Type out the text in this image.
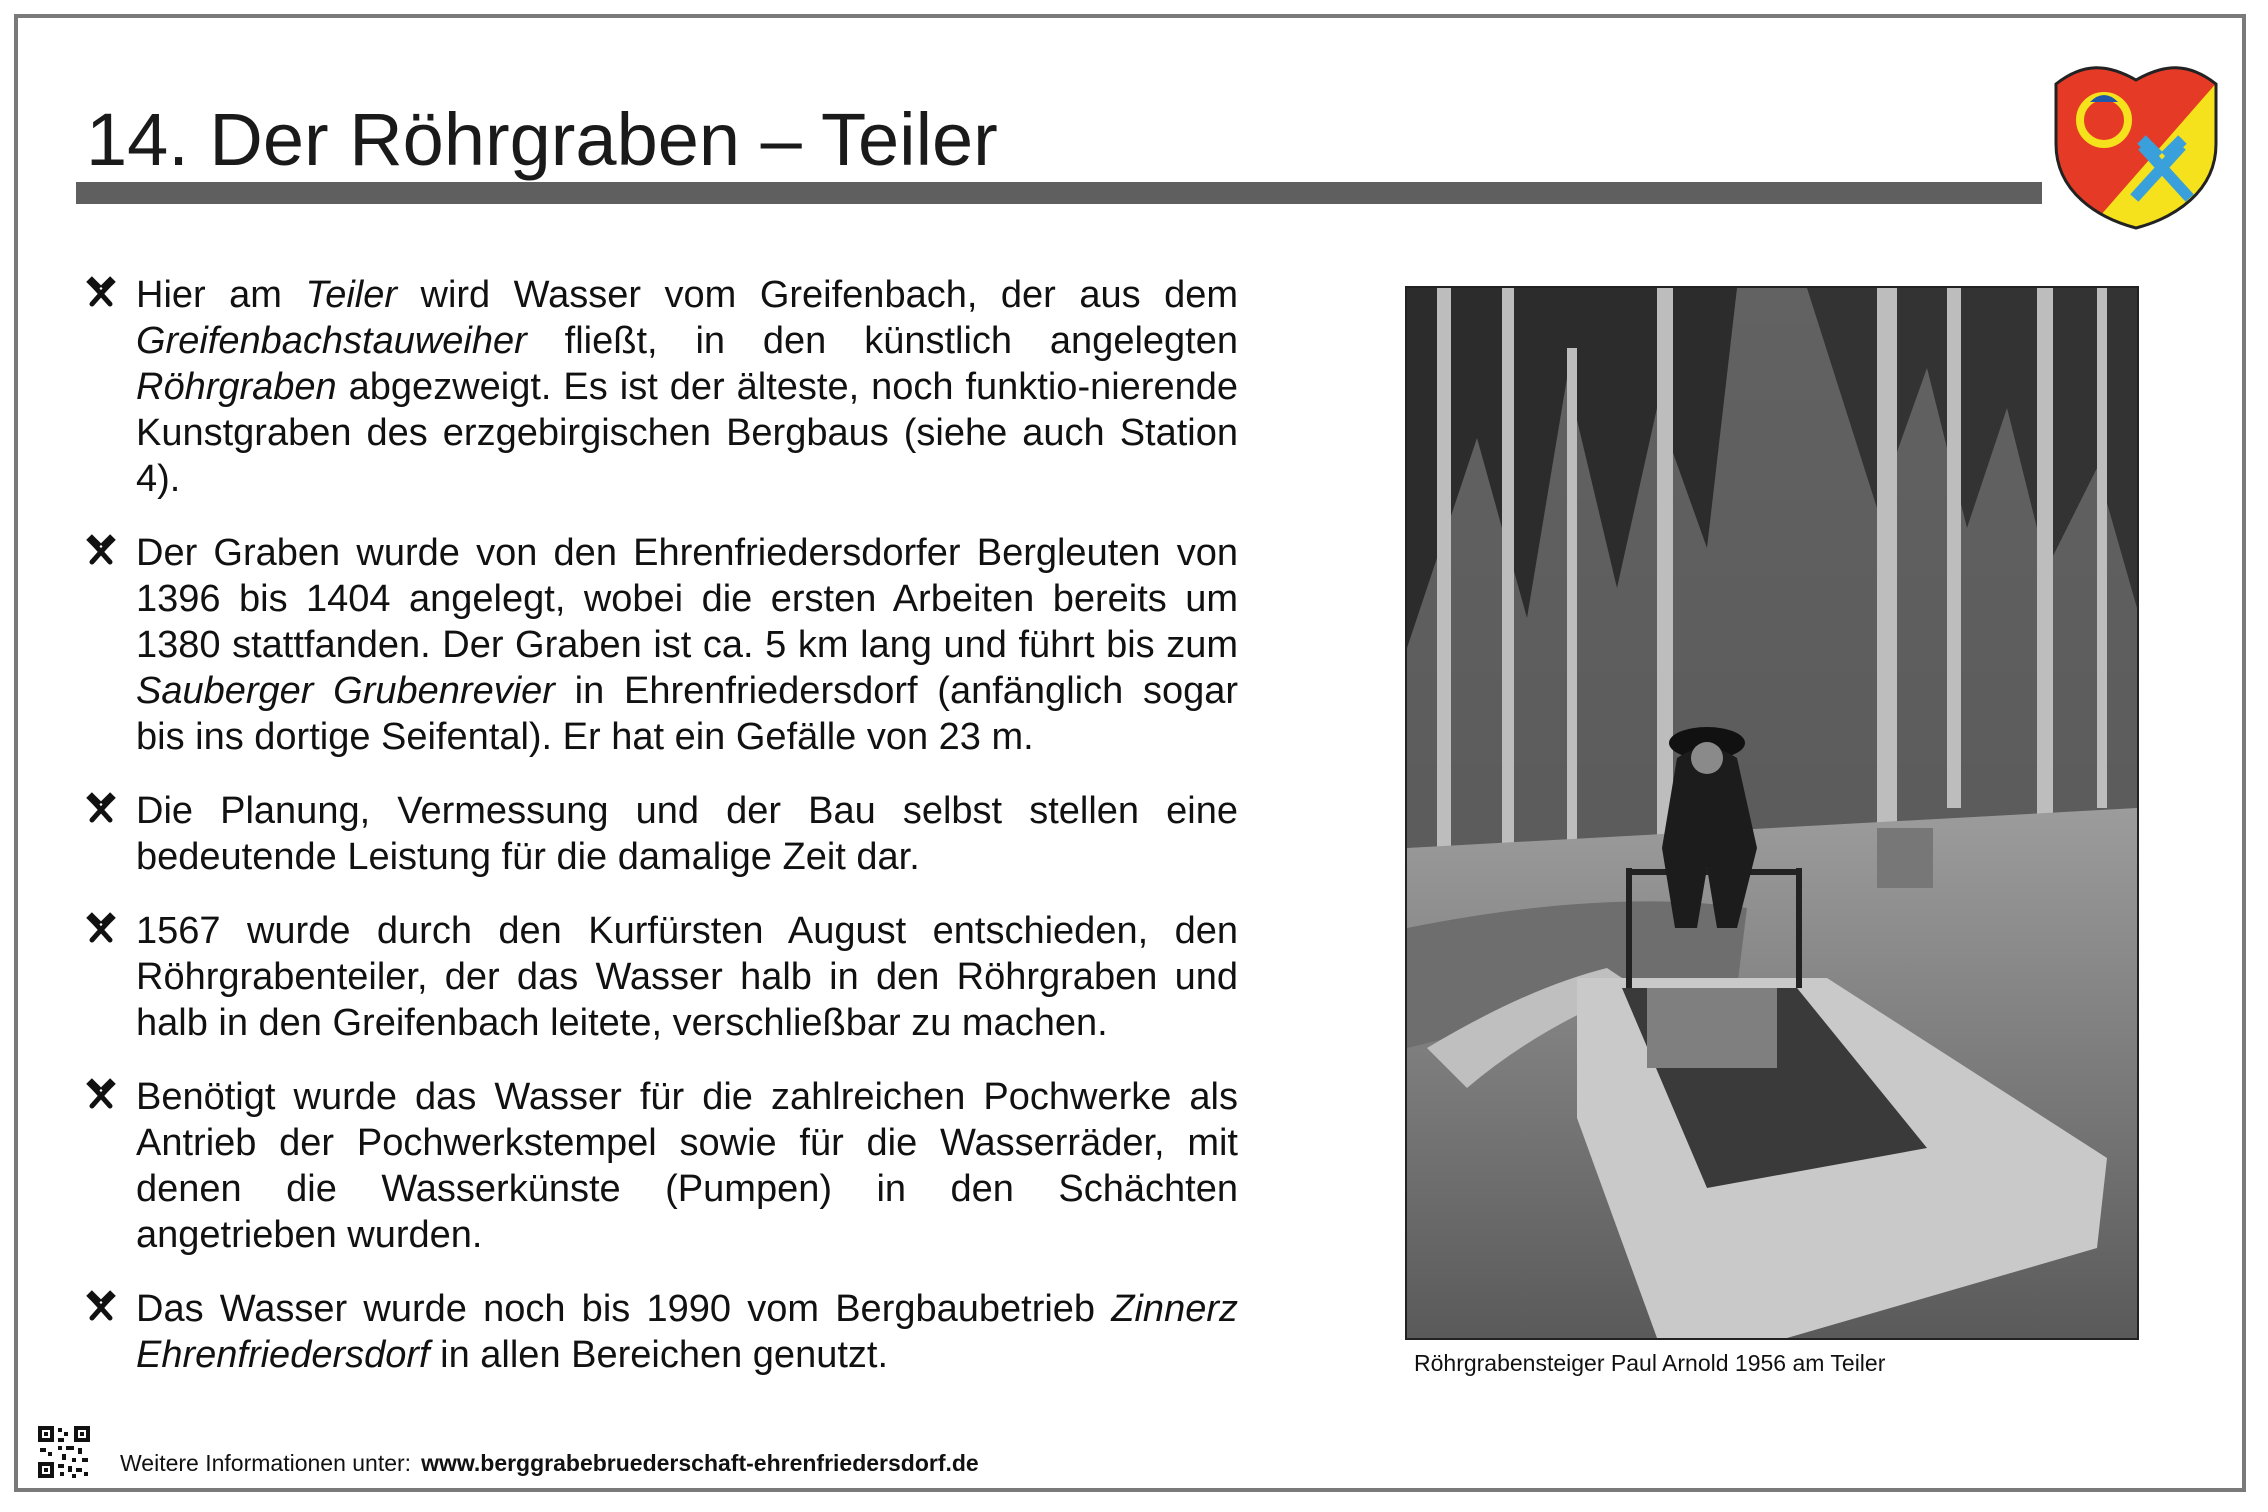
14. Der Röhrgraben – Teiler
Hier am Teiler wird Wasser vom Greifenbach, der aus dem Greifenbachstauweiher fließt, in den künstlich angelegten Röhrgraben abgezweigt. Es ist der älteste, noch funktio-nierende Kunstgraben des erzgebirgischen Bergbaus (siehe auch Station 4).
Der Graben wurde von den Ehrenfriedersdorfer Bergleuten von 1396 bis 1404 angelegt, wobei die ersten Arbeiten bereits um 1380 stattfanden. Der Graben ist ca. 5 km lang und führt bis zum Sauberger Grubenrevier in Ehrenfriedersdorf (anfänglich sogar bis ins dortige Seifental). Er hat ein Gefälle von 23 m.
Die Planung, Vermessung und der Bau selbst stellen eine bedeutende Leistung für die damalige Zeit dar.
1567 wurde durch den Kurfürsten August entschieden, den Röhrgrabenteiler, der das Wasser halb in den Röhrgraben und halb in den Greifenbach leitete, verschließbar zu machen.
Benötigt wurde das Wasser für die zahlreichen Pochwerke als Antrieb der Pochwerkstempel sowie für die Wasserräder, mit denen die Wasserkünste (Pumpen) in den Schächten angetrieben wurden.
Das Wasser wurde noch bis 1990 vom Bergbaubetrieb Zinnerz Ehrenfriedersdorf in allen Bereichen genutzt.	Röhrgrabensteiger Paul Arnold 1956 am Teiler
Weitere Informationen unter: www.berggrabebruederschaft-ehrenfriedersdorf.de
